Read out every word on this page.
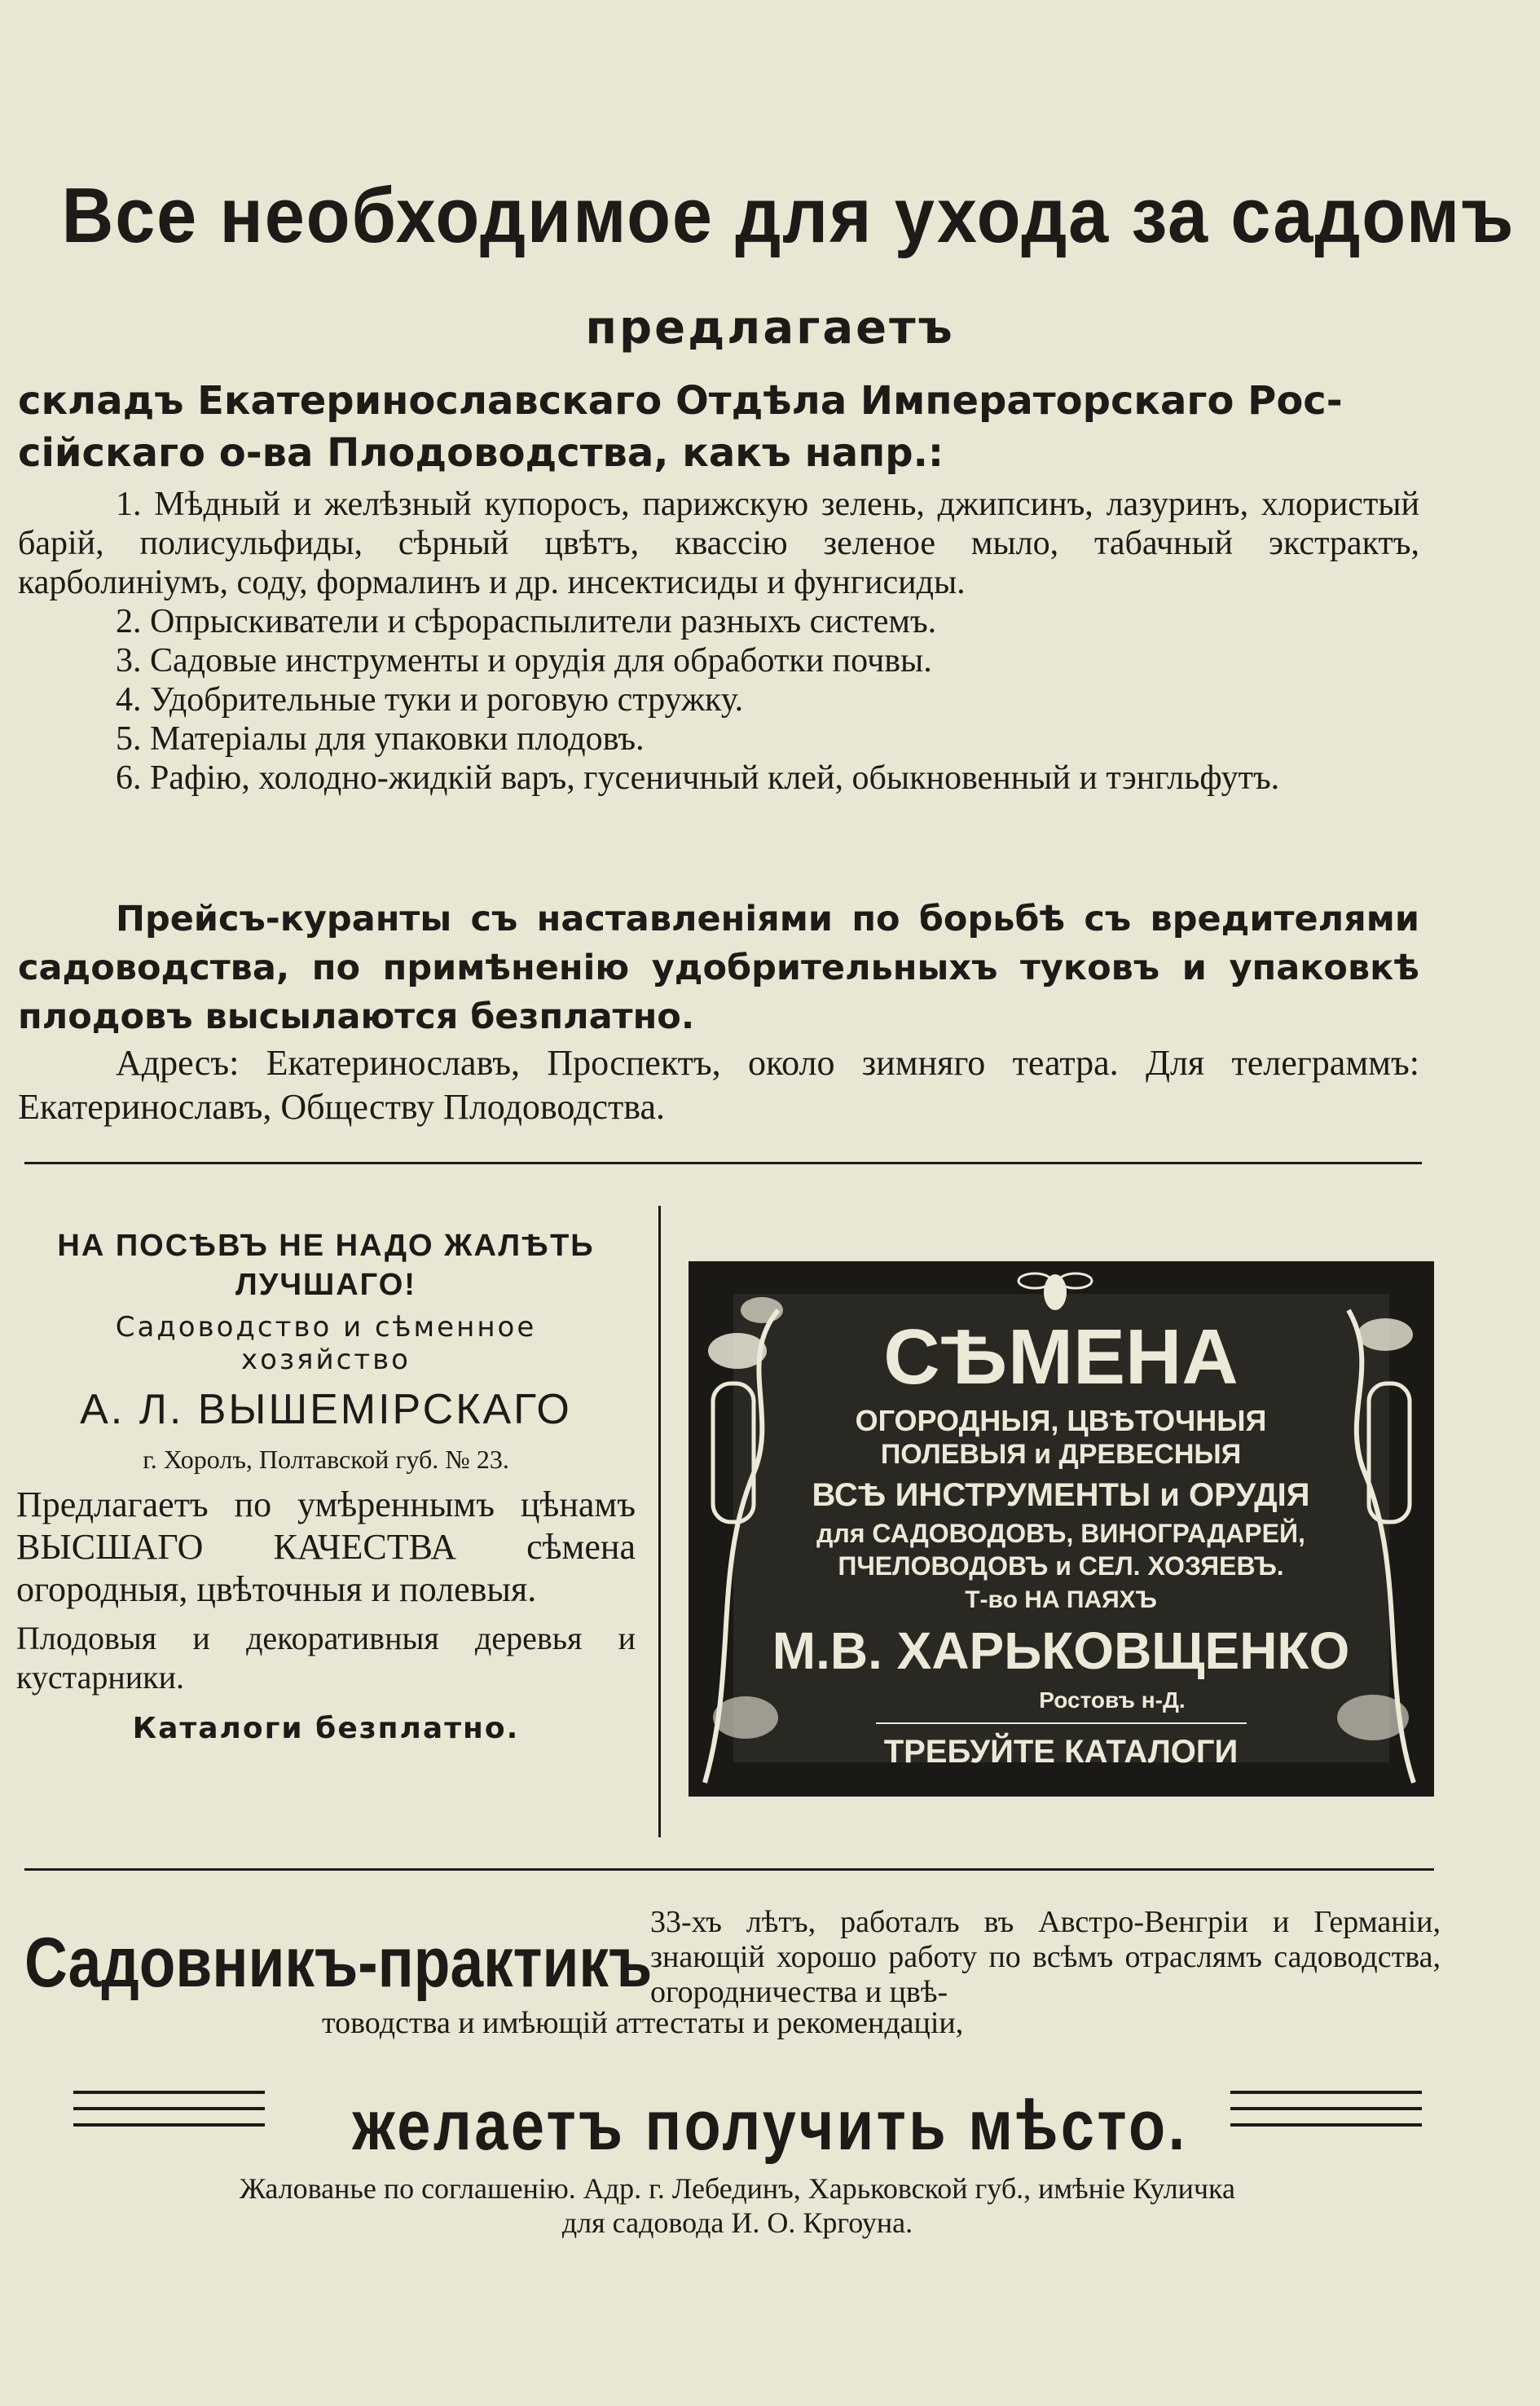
Все необходимое для ухода за садомъ
предлагаетъ

складъ Екатеринославскаго Отдѣла Императорскаго Рос-

сійскаго о-ва Плодоводства, какъ напр.:

1. Мѣдный и желѣзный купоросъ, парижскую зелень, джипсинъ, лазуринъ, хлористый барій, полисульфиды, сѣрный цвѣтъ, квассію зеленое мыло, табачный экстрактъ, карболиніумъ, соду, формалинъ и др. инсектисиды и фунгисиды.

2. Опрыскиватели и сѣрораспылители разныхъ системъ.

3. Садовые инструменты и орудія для обработки почвы.

4. Удобрительные туки и роговую стружку.

5. Матеріалы для упаковки плодовъ.

6. Рафію, холодно-жидкій варъ, гусеничный клей, обыкновенный и тэнгльфутъ.

Прейсъ-куранты съ наставленіями по борьбѣ съ вредителями садоводства, по примѣненію удобрительныхъ туковъ и упаковкѣ плодовъ высылаются безплатно.

Адресъ: Екатеринославъ, Проспектъ, около зимняго театра. Для телеграммъ: Екатеринославъ, Обществу Плодоводства.

НА ПОСѢВЪ НЕ НАДО ЖАЛѢТЬ ЛУЧШАГО!
Садоводство и сѣменное
хозяйство
А. Л. ВЫШЕМІРСКАГО
г. Хоролъ, Полтавской губ. № 23.
Предлагаетъ по умѣреннымъ цѣнамъ ВЫСШАГО КАЧЕСТВА сѣмена огородныя, цвѣточныя и полевыя.
Плодовыя и декоративныя деревья и кустарники.
Каталоги безплатно.
СѢМЕНА
ОГОРОДНЫЯ, ЦВѢТОЧНЫЯ
ПОЛЕВЫЯ и ДРЕВЕСНЫЯ
ВСѢ ИНСТРУМЕНТЫ и ОРУДІЯ
для САДОВОДОВЪ, ВИНОГРАДАРЕЙ,
ПЧЕЛОВОДОВЪ и СЕЛ. ХОЗЯЕВЪ.
Т-во НА ПАЯХЪ
М.В. ХАРЬКОВЩЕНКО
Ростовъ н-Д.
ТРЕБУЙТЕ КАТАЛОГИ
Садовникъ-практикъ
33-хъ лѣтъ, работалъ въ Австро-Венгріи и Германіи, знающій хорошо работу по всѣмъ отраслямъ садоводства, огородничества и цвѣ-
товодства и имѣющій аттестаты и рекомендаціи,
желаетъ получить мѣсто.
Жалованье по соглашенію. Адр. г. Лебединъ, Харьковской губ., имѣніе Куличка
для садовода И. О. Кргоуна.
